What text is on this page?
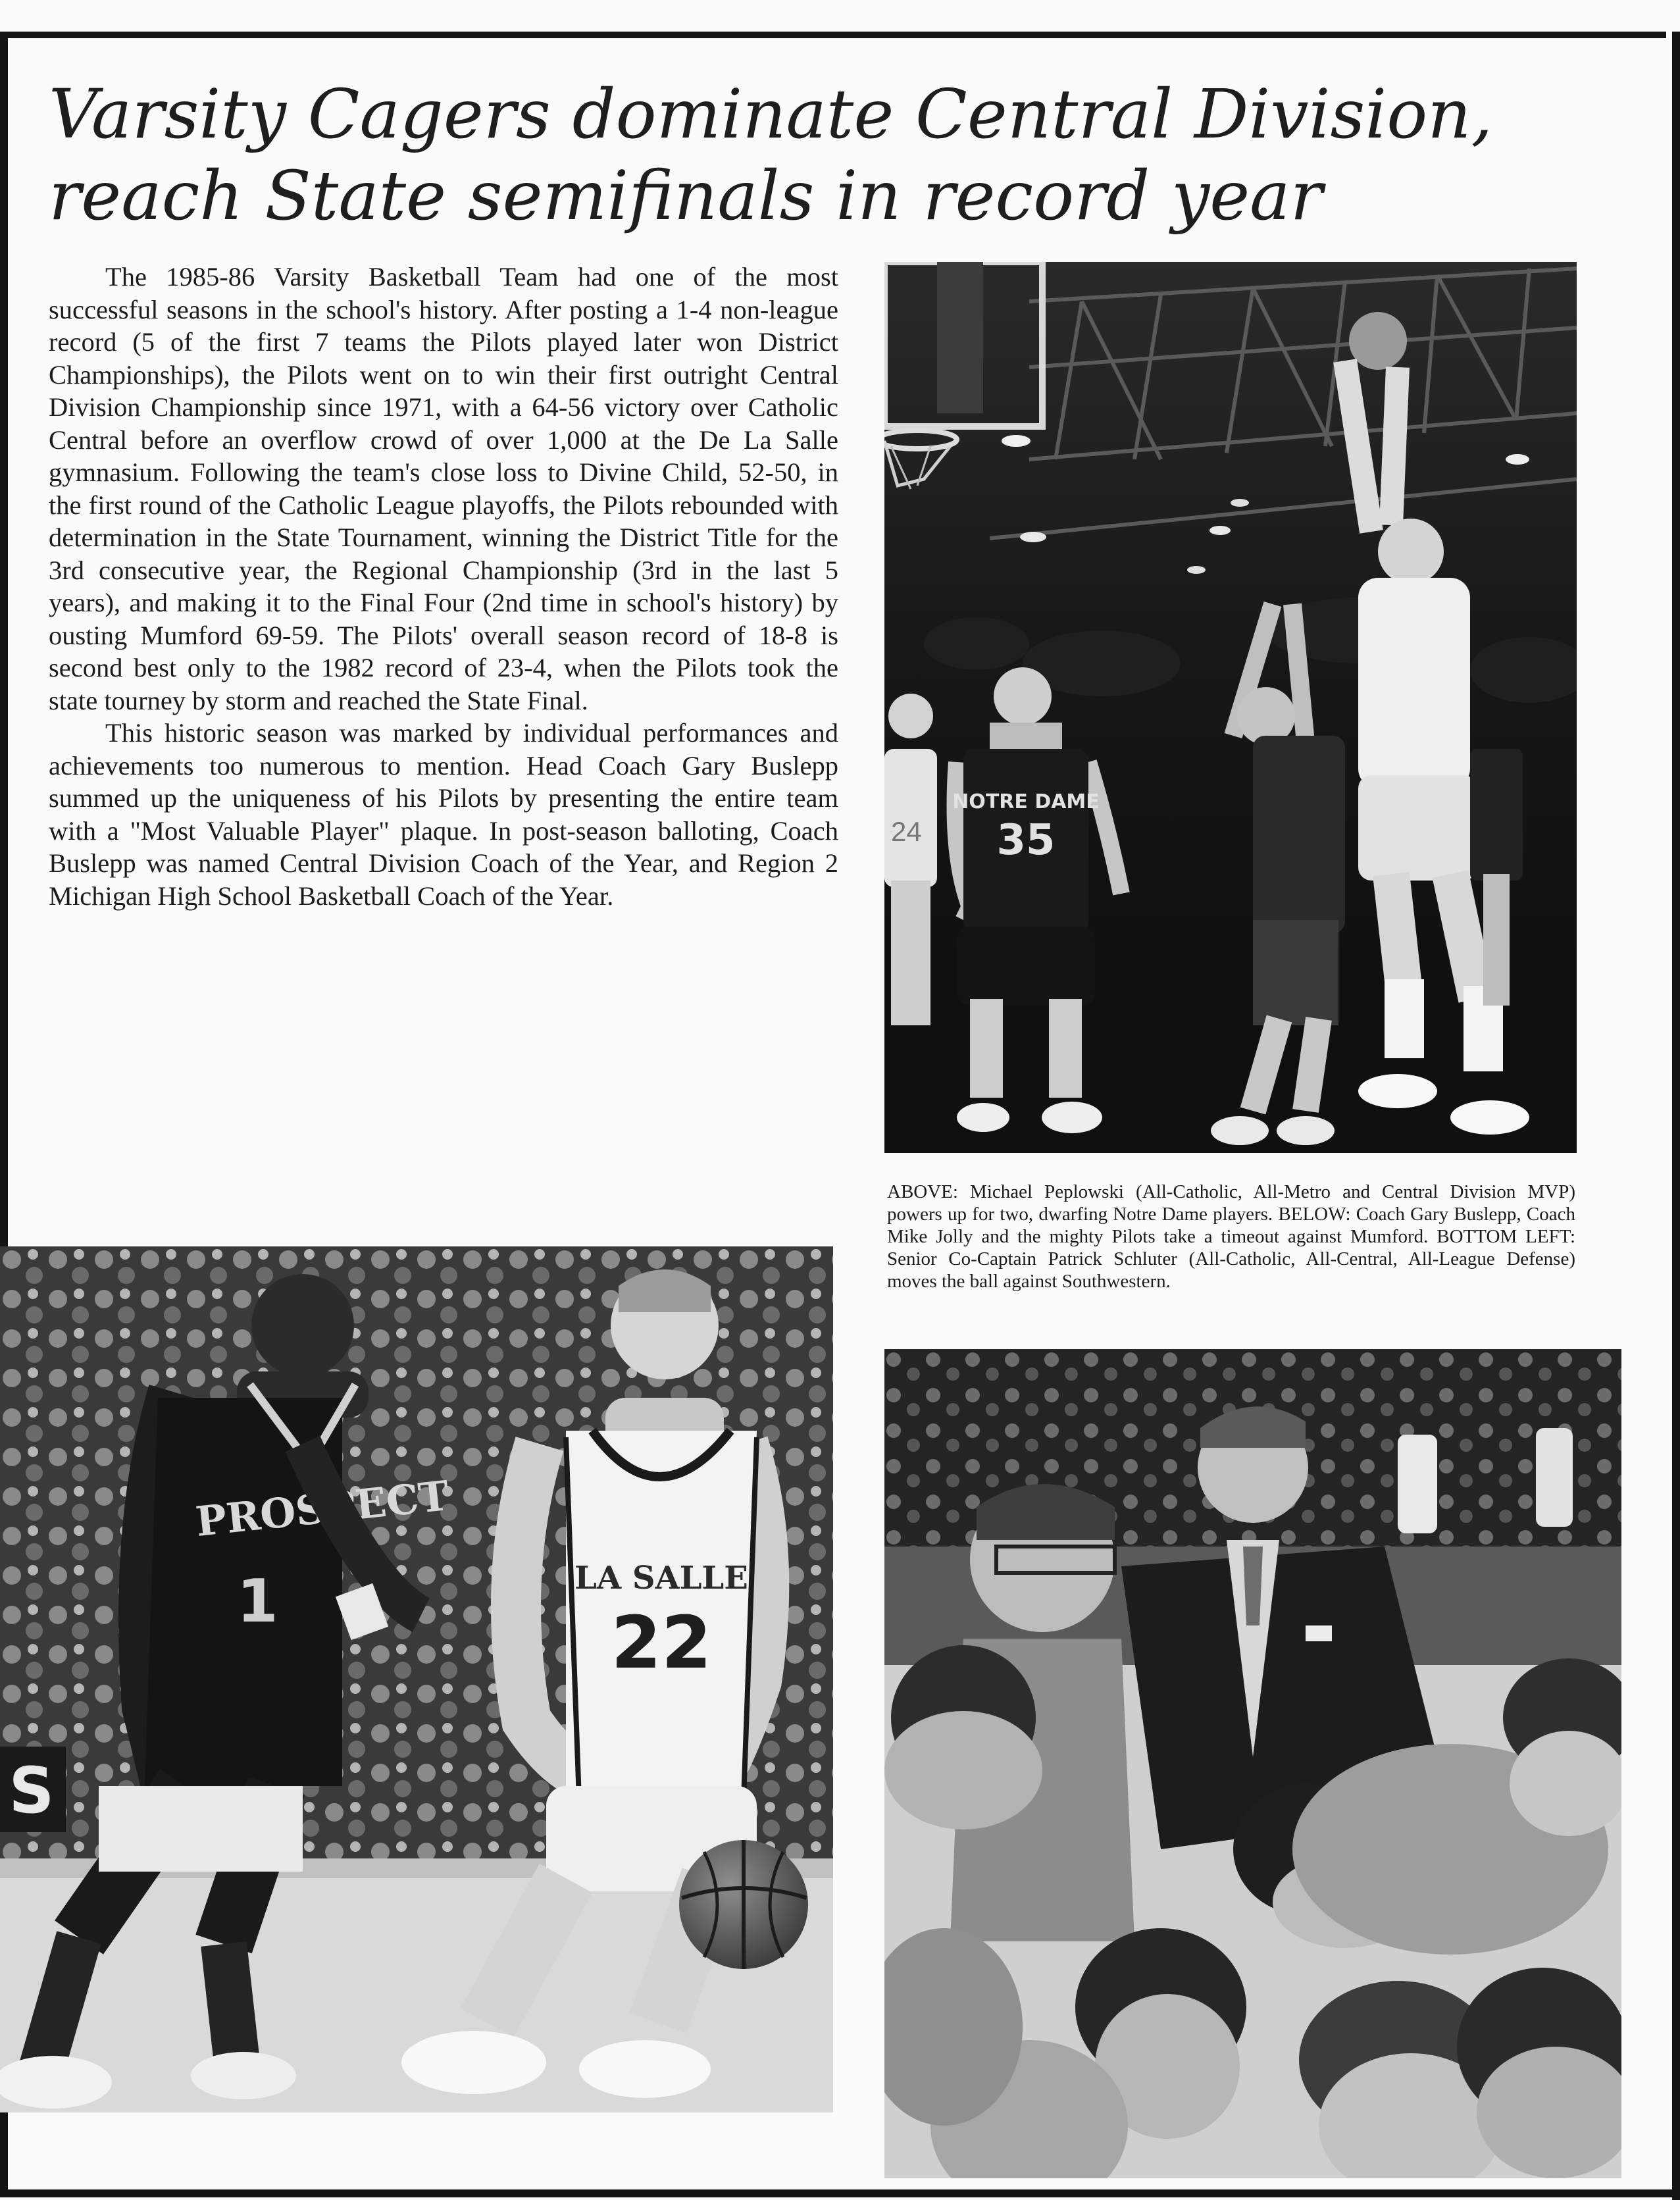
Varsity Cagers dominate Central Division,
reach State semifinals in record year

The 1985-86 Varsity Basketball Team had one of the most successful seasons in the school's history. After posting a 1-4 non-league record (5 of the first 7 teams the Pilots played later won District Championships), the Pilots went on to win their first outright Central Division Championship since 1971, with a 64-56 victory over Catholic Central before an overflow crowd of over 1,000 at the De La Salle gymnasium. Following the team's close loss to Divine Child, 52-50, in the first round of the Catholic League playoffs, the Pilots rebounded with determination in the State Tournament, winning the District Title for the 3rd consecutive year, the Regional Championship (3rd in the last 5 years), and making it to the Final Four (2nd time in school's history) by ousting Mumford 69-59. The Pilots' overall season record of 18-8 is second best only to the 1982 record of 23-4, when the Pilots took the state tourney by storm and reached the State Final.

This historic season was marked by individual performances and achievements too numerous to mention. Head Coach Gary Buslepp summed up the uniqueness of his Pilots by presenting the entire team with a "Most Valuable Player" plaque. In post-season balloting, Coach Buslepp was named Central Division Coach of the Year, and Region 2 Michigan High School Basketball Coach of the Year.

24
NOTRE DAME
35

ABOVE: Michael Peplowski (All-Catholic, All-Metro and Central Division MVP) powers up for two, dwarfing Notre Dame players. BELOW: Coach Gary Buslepp, Coach Mike Jolly and the mighty Pilots take a timeout against Mumford. BOTTOM LEFT: Senior Co-Captain Patrick Schluter (All-Catholic, All-Central, All-League Defense) moves the ball against Southwestern.

S
PROSPECT
1	LA SALLE
22
